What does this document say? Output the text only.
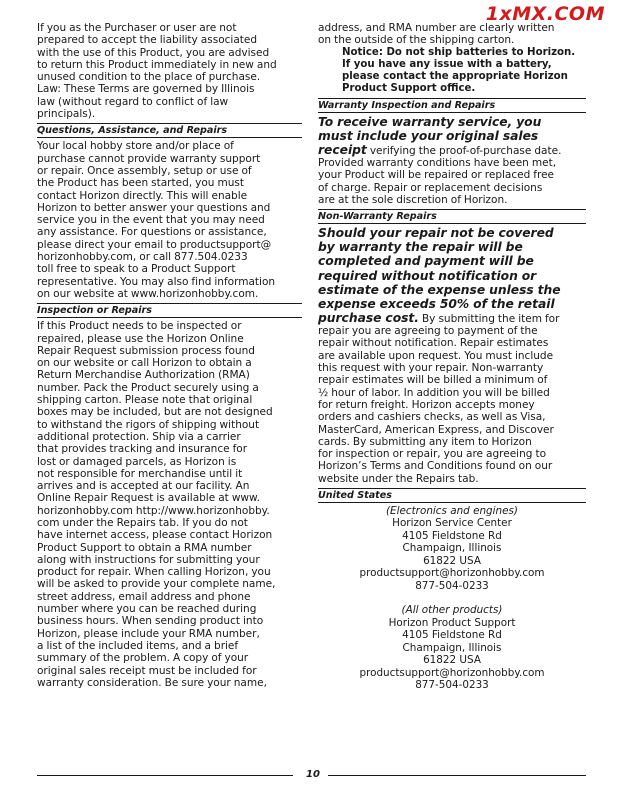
1xMX.COM

If you as the Purchaser or user are not

prepared to accept the liability associated

with the use of this Product, you are advised

to return this Product immediately in new and

unused condition to the place of purchase.

Law: These Terms are governed by Illinois

law (without regard to conflict of law

principals).

Questions, Assistance, and Repairs

Your local hobby store and/or place of

purchase cannot provide warranty support

or repair. Once assembly, setup or use of

the Product has been started, you must

contact Horizon directly. This will enable

Horizon to better answer your questions and

service you in the event that you may need

any assistance. For questions or assistance,

please direct your email to productsupport@

horizonhobby.com, or call 877.504.0233

toll free to speak to a Product Support

representative. You may also find information

on our website at www.horizonhobby.com.

Inspection or Repairs

If this Product needs to be inspected or

repaired, please use the Horizon Online

Repair Request submission process found

on our website or call Horizon to obtain a

Return Merchandise Authorization (RMA)

number. Pack the Product securely using a

shipping carton. Please note that original

boxes may be included, but are not designed

to withstand the rigors of shipping without

additional protection. Ship via a carrier

that provides tracking and insurance for

lost or damaged parcels, as Horizon is

not responsible for merchandise until it

arrives and is accepted at our facility. An

Online Repair Request is available at www.

horizonhobby.com http://www.horizonhobby.

com under the Repairs tab. If you do not

have internet access, please contact Horizon

Product Support to obtain a RMA number

along with instructions for submitting your

product for repair. When calling Horizon, you

will be asked to provide your complete name,

street address, email address and phone

number where you can be reached during

business hours. When sending product into

Horizon, please include your RMA number,

a list of the included items, and a brief

summary of the problem. A copy of your

original sales receipt must be included for

warranty consideration. Be sure your name,

address, and RMA number are clearly written

on the outside of the shipping carton.

Notice: Do not ship batteries to Horizon.

If you have any issue with a battery,

please contact the appropriate Horizon

Product Support office.

Warranty Inspection and Repairs

To receive warranty service, you

must include your original sales

receipt verifying the proof-of-purchase date.

Provided warranty conditions have been met,

your Product will be repaired or replaced free

of charge. Repair or replacement decisions

are at the sole discretion of Horizon.

Non-Warranty Repairs

Should your repair not be covered

by warranty the repair will be

completed and payment will be

required without notification or

estimate of the expense unless the

expense exceeds 50% of the retail

purchase cost. By submitting the item for

repair you are agreeing to payment of the

repair without notification. Repair estimates

are available upon request. You must include

this request with your repair. Non-warranty

repair estimates will be billed a minimum of

½ hour of labor. In addition you will be billed

for return freight. Horizon accepts money

orders and cashiers checks, as well as Visa,

MasterCard, American Express, and Discover

cards. By submitting any item to Horizon

for inspection or repair, you are agreeing to

Horizon’s Terms and Conditions found on our

website under the Repairs tab.

United States

(Electronics and engines)

Horizon Service Center

4105 Fieldstone Rd

Champaign, Illinois

61822 USA

productsupport@horizonhobby.com

877-504-0233

(All other products)

Horizon Product Support

4105 Fieldstone Rd

Champaign, Illinois

61822 USA

productsupport@horizonhobby.com

877-504-0233

10
